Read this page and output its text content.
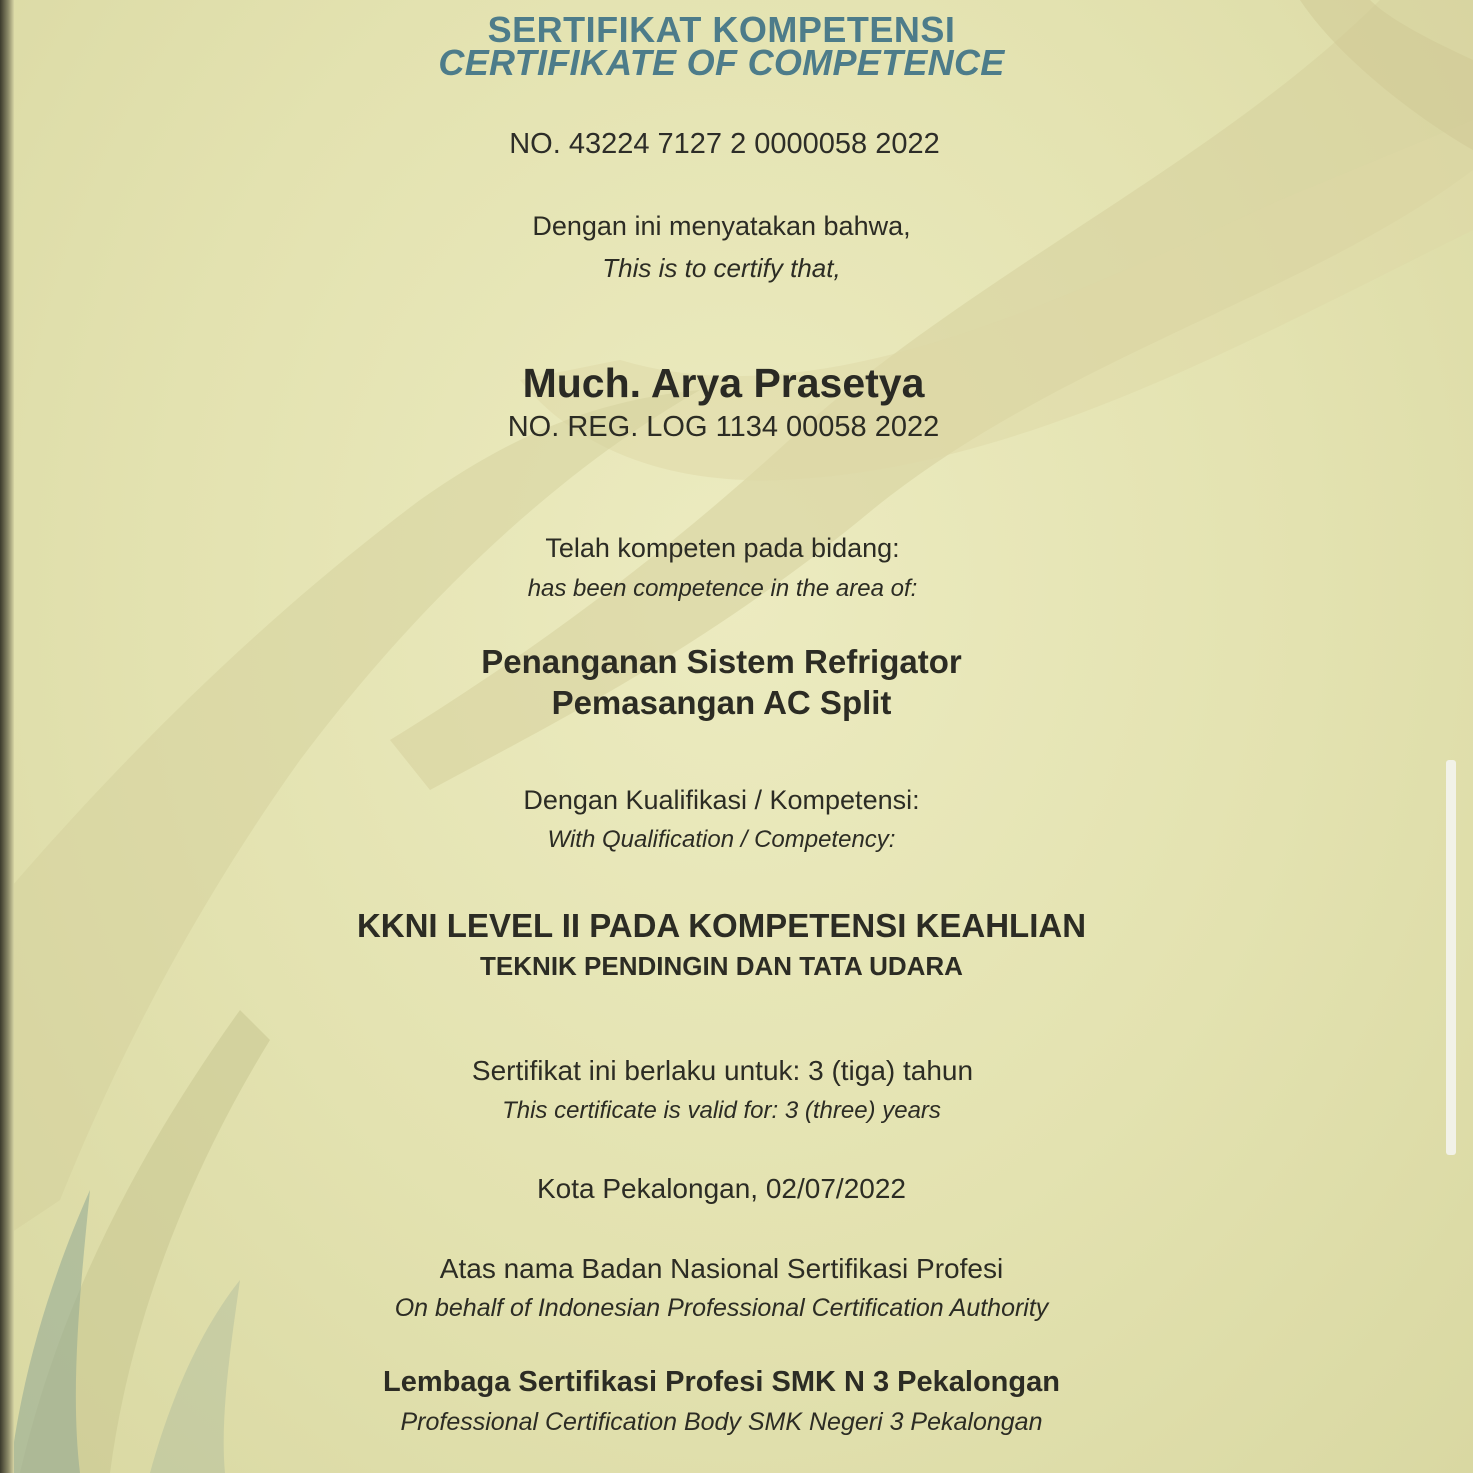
SERTIFIKAT KOMPETENSI

CERTIFIKATE OF COMPETENCE

NO. 43224 7127 2 0000058 2022

Dengan ini menyatakan bahwa,

This is to certify that,

Much. Arya Prasetya

NO. REG. LOG 1134 00058 2022

Telah kompeten pada bidang:

has been competence in the area of:

Penanganan Sistem Refrigator

Pemasangan AC Split

Dengan Kualifikasi / Kompetensi:

With Qualification / Competency:

KKNI LEVEL II PADA KOMPETENSI KEAHLIAN

TEKNIK PENDINGIN DAN TATA UDARA

Sertifikat ini berlaku untuk: 3 (tiga) tahun

This certificate is valid for: 3 (three) years

Kota Pekalongan, 02/07/2022

Atas nama Badan Nasional Sertifikasi Profesi

On behalf of Indonesian Professional Certification Authority

Lembaga Sertifikasi Profesi SMK N 3 Pekalongan

Professional Certification Body SMK Negeri 3 Pekalongan
